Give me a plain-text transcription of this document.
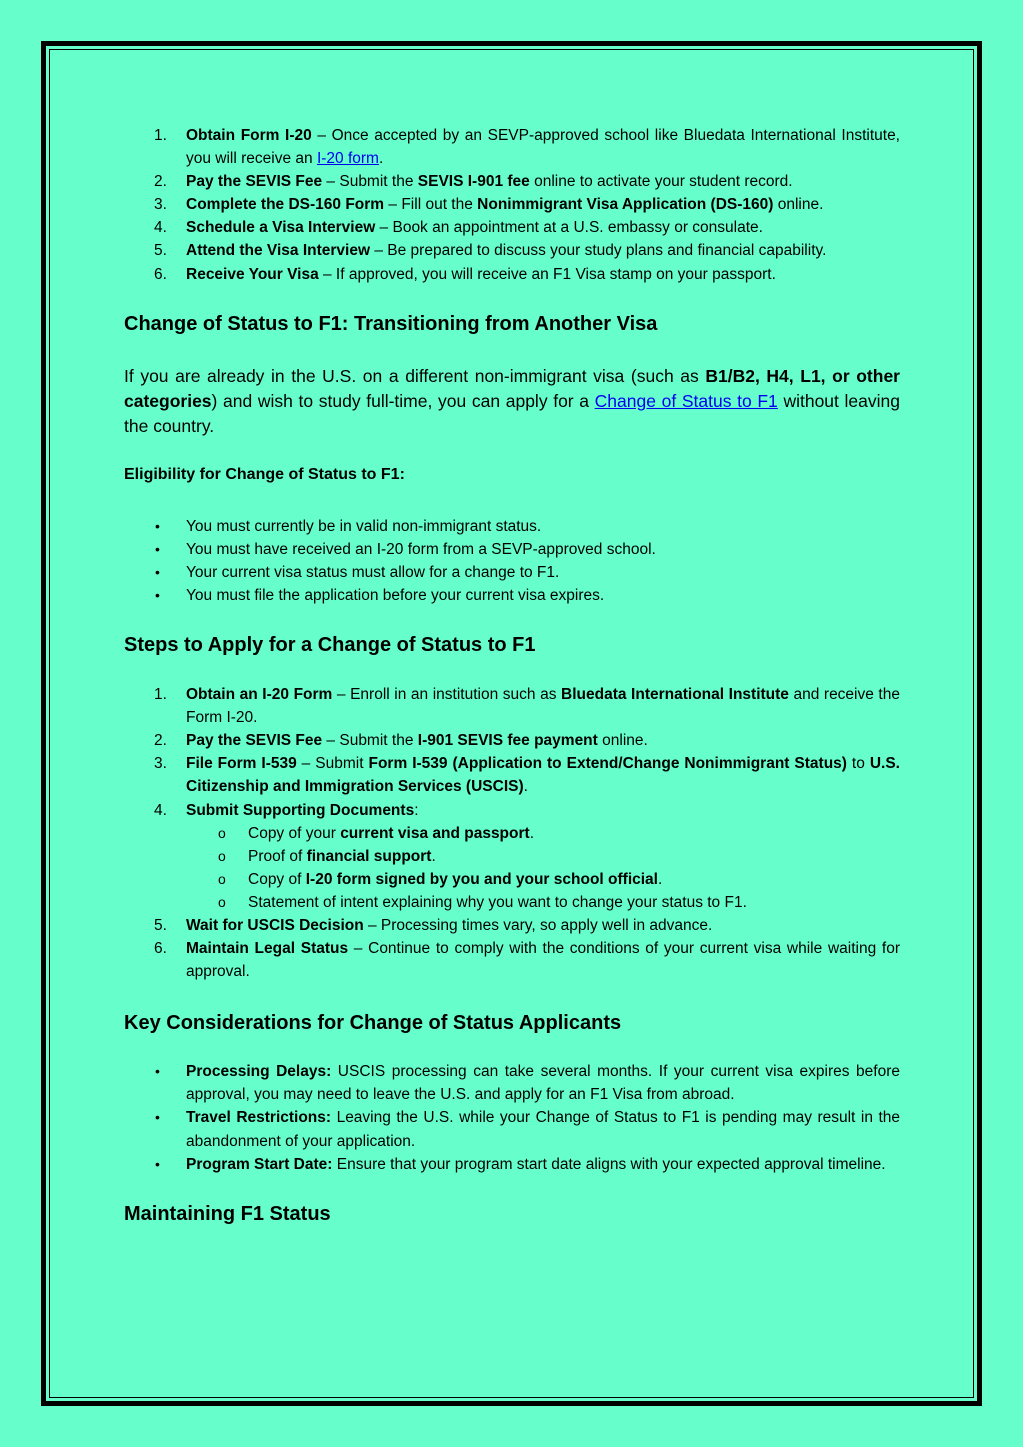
1. Obtain Form I-20 – Once accepted by an SEVP-approved school like Bluedata International Institute, you will receive an I-20 form.
2. Pay the SEVIS Fee – Submit the SEVIS I-901 fee online to activate your student record.
3. Complete the DS-160 Form – Fill out the Nonimmigrant Visa Application (DS-160) online.
4. Schedule a Visa Interview – Book an appointment at a U.S. embassy or consulate.
5. Attend the Visa Interview – Be prepared to discuss your study plans and financial capability.
6. Receive Your Visa – If approved, you will receive an F1 Visa stamp on your passport.
Change of Status to F1: Transitioning from Another Visa

If you are already in the U.S. on a different non-immigrant visa (such as B1/B2, H4, L1, or other categories) and wish to study full-time, you can apply for a Change of Status to F1 without leaving the country.

Eligibility for Change of Status to F1:
• You must currently be in valid non-immigrant status.
• You must have received an I-20 form from a SEVP-approved school.
• Your current visa status must allow for a change to F1.
• You must file the application before your current visa expires.
Steps to Apply for a Change of Status to F1
1. Obtain an I-20 Form – Enroll in an institution such as Bluedata International Institute and receive the Form I-20.
2. Pay the SEVIS Fee – Submit the I-901 SEVIS fee payment online.
3. File Form I-539 – Submit Form I-539 (Application to Extend/Change Nonimmigrant Status) to U.S. Citizenship and Immigration Services (USCIS).
4. Submit Supporting Documents:
o Copy of your current visa and passport.
o Proof of financial support.
o Copy of I-20 form signed by you and your school official.
o Statement of intent explaining why you want to change your status to F1.
5. Wait for USCIS Decision – Processing times vary, so apply well in advance.
6. Maintain Legal Status – Continue to comply with the conditions of your current visa while waiting for approval.
Key Considerations for Change of Status Applicants
• Processing Delays: USCIS processing can take several months. If your current visa expires before approval, you may need to leave the U.S. and apply for an F1 Visa from abroad.
• Travel Restrictions: Leaving the U.S. while your Change of Status to F1 is pending may result in the abandonment of your application.
• Program Start Date: Ensure that your program start date aligns with your expected approval timeline.
Maintaining F1 Status
